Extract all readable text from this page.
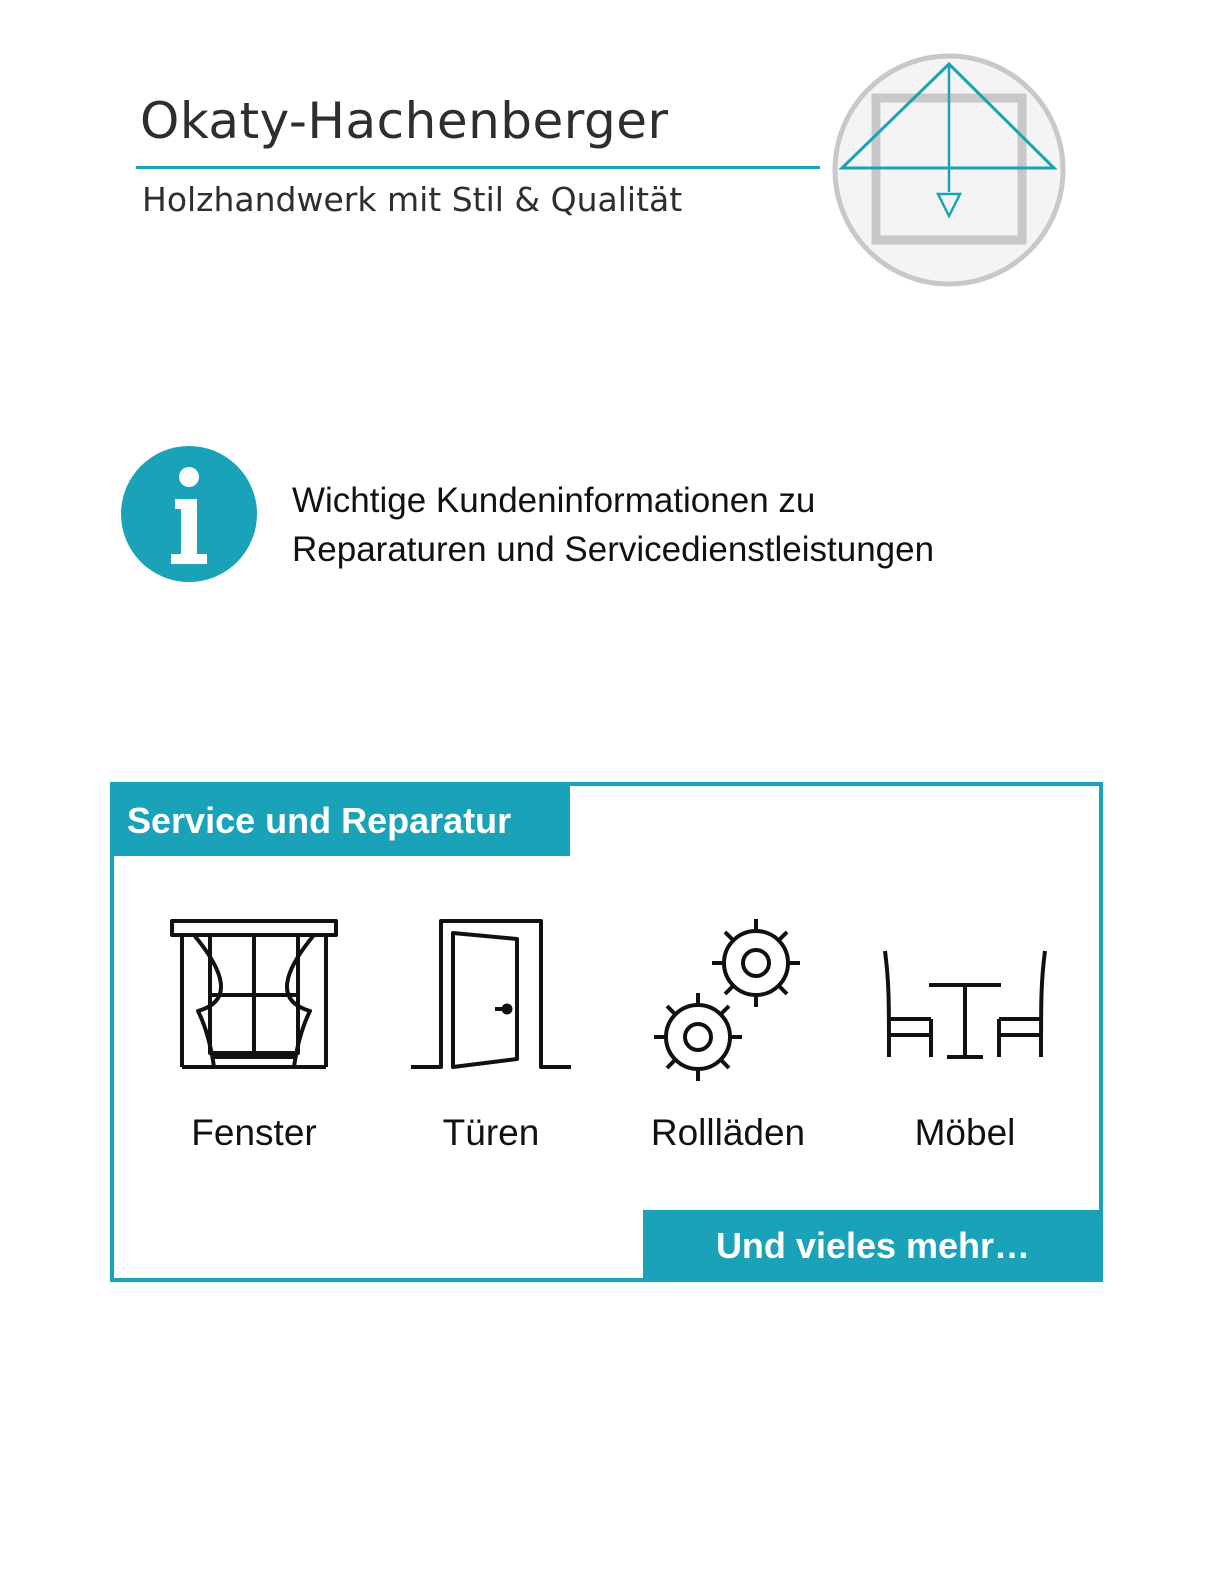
Okaty-Hachenberger
Holzhandwerk mit Stil & Qualität
Wichtige Kundeninformationen zu
Reparaturen und Servicedienstleistungen
Service und Reparatur
Fenster	Türen	Rollläden	Möbel
Und vieles mehr…
